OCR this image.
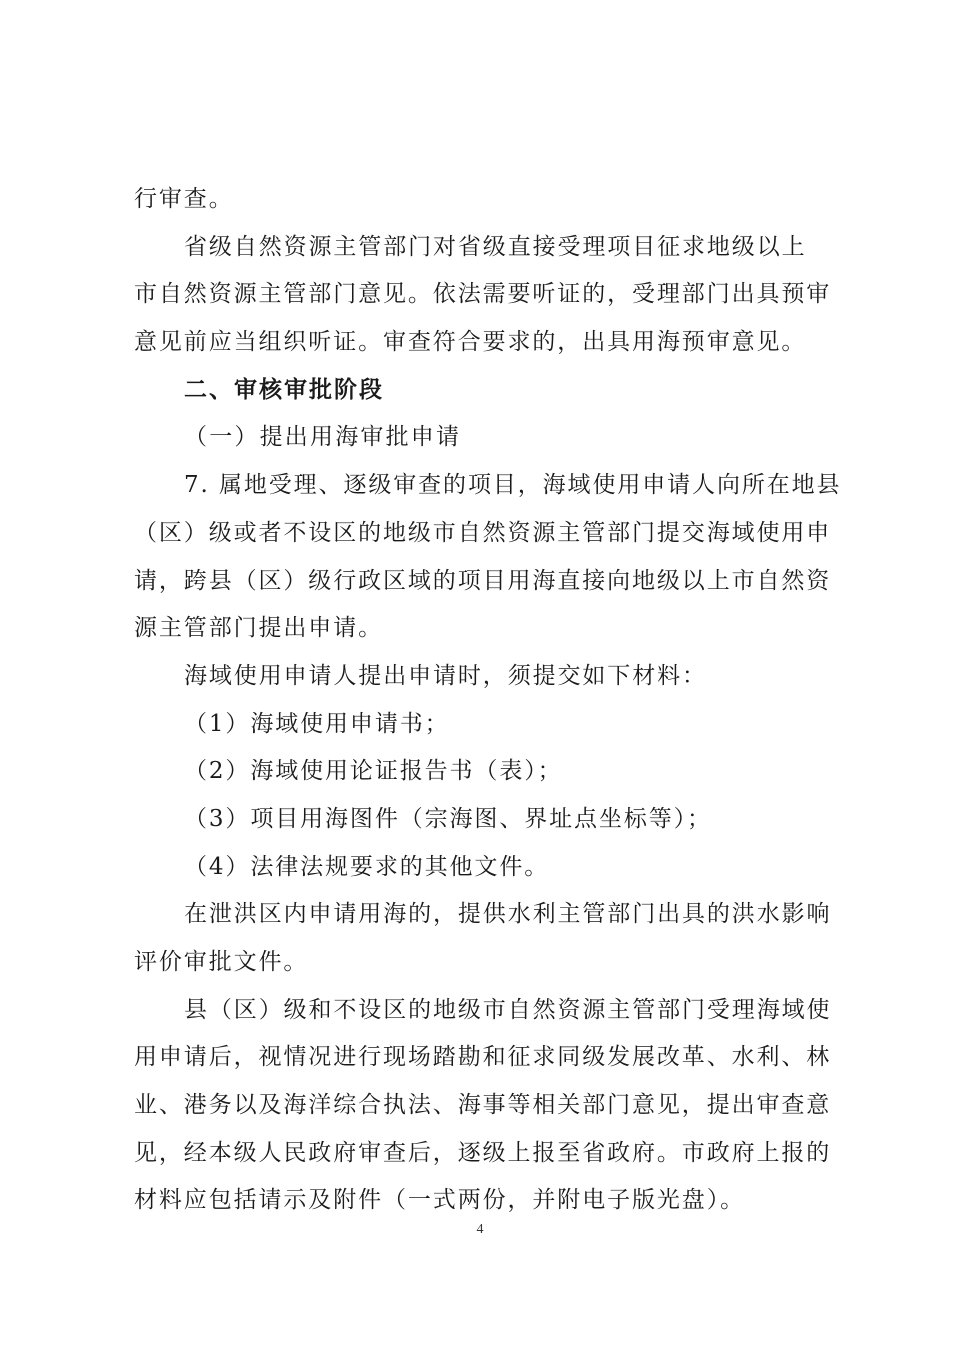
行审查。
省级自然资源主管部门对省级直接受理项目征求地级以上
市自然资源主管部门意见。依法需要听证的，受理部门出具预审
意见前应当组织听证。审查符合要求的，出具用海预审意见。
二、审核审批阶段
（一）提出用海审批申请
7. 属地受理、逐级审查的项目，海域使用申请人向所在地县
（区）级或者不设区的地级市自然资源主管部门提交海域使用申
请，跨县（区）级行政区域的项目用海直接向地级以上市自然资
源主管部门提出申请。
海域使用申请人提出申请时，须提交如下材料：
（1）海域使用申请书；
（2）海域使用论证报告书（表）；
（3）项目用海图件（宗海图、界址点坐标等）；
（4）法律法规要求的其他文件。
在泄洪区内申请用海的，提供水利主管部门出具的洪水影响
评价审批文件。
县（区）级和不设区的地级市自然资源主管部门受理海域使
用申请后，视情况进行现场踏勘和征求同级发展改革、水利、林
业、港务以及海洋综合执法、海事等相关部门意见，提出审查意
见，经本级人民政府审查后，逐级上报至省政府。市政府上报的
材料应包括请示及附件（一式两份，并附电子版光盘）。
4
